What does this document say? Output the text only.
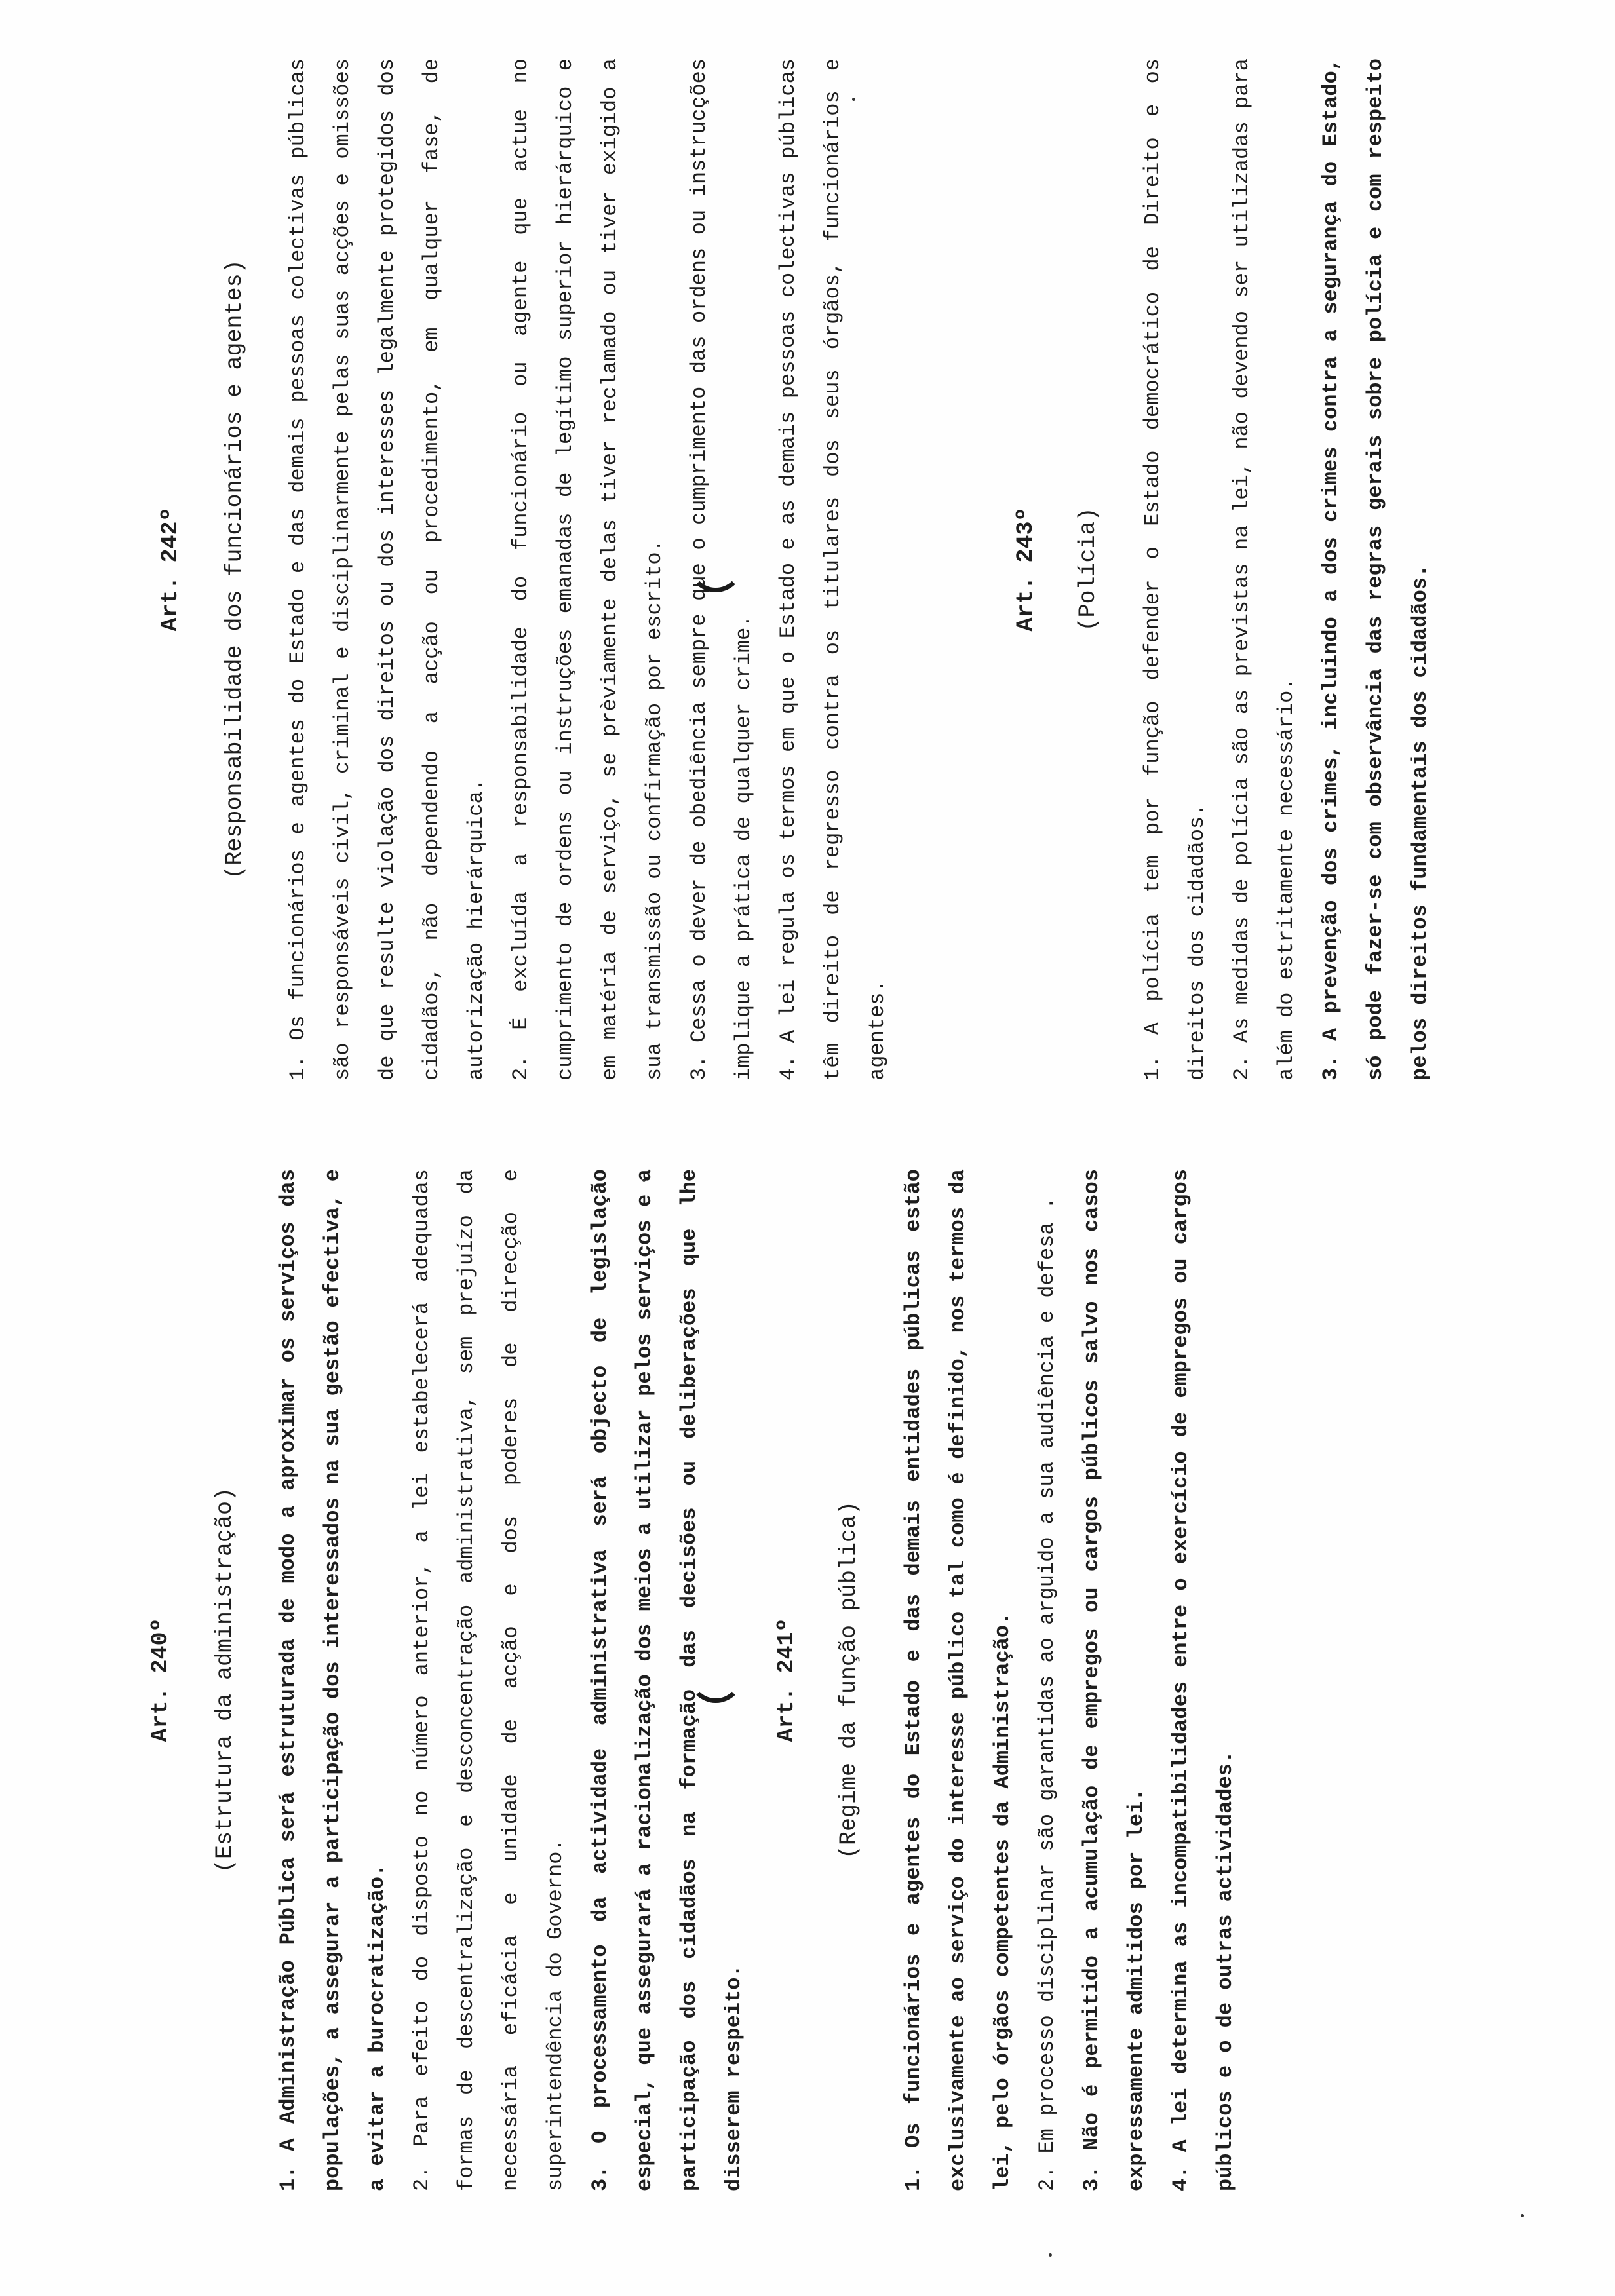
Art. 240º (Estrutura da administração)	1. A Administração Pública será estruturada de modo a aproximar os serviços das populações, a assegurar a participação dos interessados na sua gestão efectiva, e a evitar a burocratização. 2. Para efeito do disposto no número anterior, a lei estabelecerá adequadas formas de descentralização e desconcentração administrativa, sem prejuízo da necessária eficácia e unidade de acção e dos poderes de direcção e superintendência do Governo. 3. O processamento da actividade administrativa será objecto de legislação especial, que assegurará a racionalização dos meios a utilizar pelos serviços e a participação dos cidadãos na formação das decisões ou deliberações que lhe disserem respeito.

Art. 241º (Regime da função pública)	1. Os funcionários e agentes do Estado e das demais entidades públicas estão exclusivamente ao serviço do interesse público tal como é definido, nos termos da lei, pelo órgãos competentes da Administração. 2. Em processo disciplinar são garantidas ao arguido a sua audiência e defesa . 3. Não é permitido a acumulação de empregos ou cargos públicos salvo nos casos expressamente admitidos por lei. 4. A lei determina as incompatibilidades entre o exercício de empregos ou cargos públicos e o de outras actividades.

Art. 242º (Responsabilidade dos funcionários e agentes)	1. Os funcionários e agentes do Estado e das demais pessoas colectivas públicas são responsáveis civil, criminal e disciplinarmente pelas suas acções e omissões de que resulte violação dos direitos ou dos interesses legalmente protegidos dos cidadãos, não dependendo a acção ou procedimento, em qualquer fase, de autorização hierárquica. 2. É excluída a responsabilidade do funcionário ou agente que actue no cumprimento de ordens ou instruções emanadas de legítimo superior hierárquico e em matéria de serviço, se prèviamente delas tiver reclamado ou tiver exigido a sua transmissão ou confirmação por escrito. 3. Cessa o dever de obediência sempre que o cumprimento das ordens ou instrucções implique a prática de qualquer crime. 4. A lei regula os termos em que o Estado e as demais pessoas colectivas públicas têm direito de regresso contra os titulares dos seus órgãos, funcionários e agentes.

Art. 243º (Polícia)	1. A polícia tem por função defender o Estado democrático de Direito e os direitos dos cidadãos. 2. As medidas de polícia são as previstas na lei, não devendo ser utilizadas para além do estritamente necessário. 3. A prevenção dos crimes, incluindo a dos crimes contra a segurança do Estado, só pode fazer-se com observância das regras gerais sobre polícia e com respeito pelos direitos fundamentais dos cidadãos.
